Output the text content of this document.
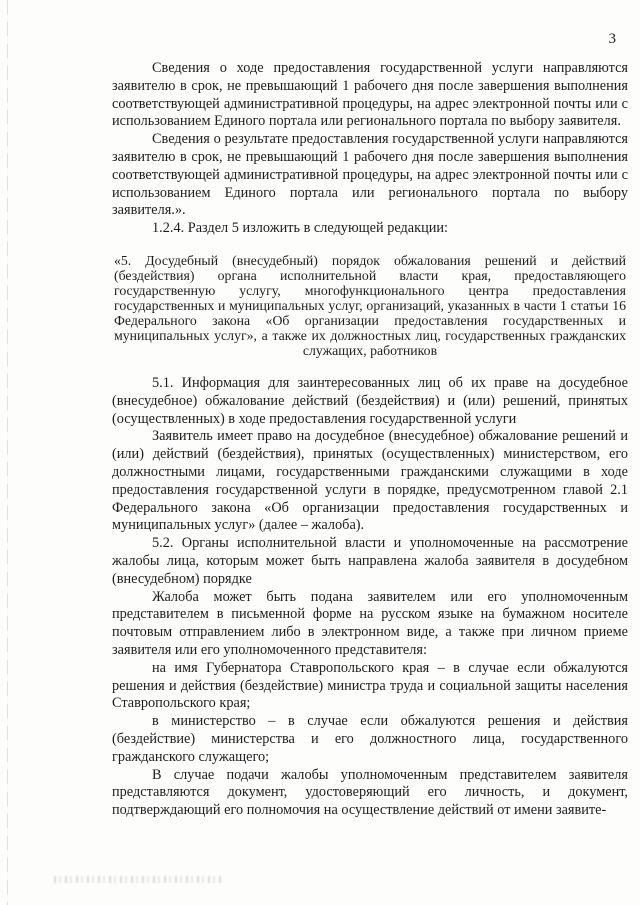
3

Сведения о ходе предоставления государственной услуги направляются заявителю в срок, не превышающий 1 рабочего дня после завершения выполнения соответствующей административной процедуры, на адрес электронной почты или с использованием Единого портала или регионального портала по выбору заявителя.

Сведения о результате предоставления государственной услуги направляются заявителю в срок, не превышающий 1 рабочего дня после завершения выполнения соответствующей административной процедуры, на адрес электронной почты или с использованием Единого портала или регионального портала по выбору заявителя.».

1.2.4. Раздел 5 изложить в следующей редакции:

«5. Досудебный (внесудебный) порядок обжалования решений и действий (бездействия) органа исполнительной власти края, предоставляющего государственную услугу, многофункционального центра предоставления государственных и муниципальных услуг, организаций, указанных в части 1 статьи 16 Федерального закона «Об организации предоставления государственных и муниципальных услуг», а также их должностных лиц, государственных гражданских служащих, работников

5.1. Информация для заинтересованных лиц об их праве на досудебное (внесудебное) обжалование действий (бездействия) и (или) решений, принятых (осуществленных) в ходе предоставления государственной услуги

Заявитель имеет право на досудебное (внесудебное) обжалование решений и (или) действий (бездействия), принятых (осуществленных) министерством, его должностными лицами, государственными гражданскими служащими в ходе предоставления государственной услуги в порядке, предусмотренном главой 2.1 Федерального закона «Об организации предоставления государственных и муниципальных услуг» (далее – жалоба).

5.2. Органы исполнительной власти и уполномоченные на рассмотрение жалобы лица, которым может быть направлена жалоба заявителя в досудебном (внесудебном) порядке

Жалоба может быть подана заявителем или его уполномоченным представителем в письменной форме на русском языке на бумажном носителе почтовым отправлением либо в электронном виде, а также при личном приеме заявителя или его уполномоченного представителя:

на имя Губернатора Ставропольского края – в случае если обжалуются решения и действия (бездействие) министра труда и социальной защиты населения Ставропольского края;

в министерство – в случае если обжалуются решения и действия (бездействие) министерства и его должностного лица, государственного гражданского служащего;

В случае подачи жалобы уполномоченным представителем заявителя представляются документ, удостоверяющий его личность, и документ, подтверждающий его полномочия на осуществление действий от имени заявите-
